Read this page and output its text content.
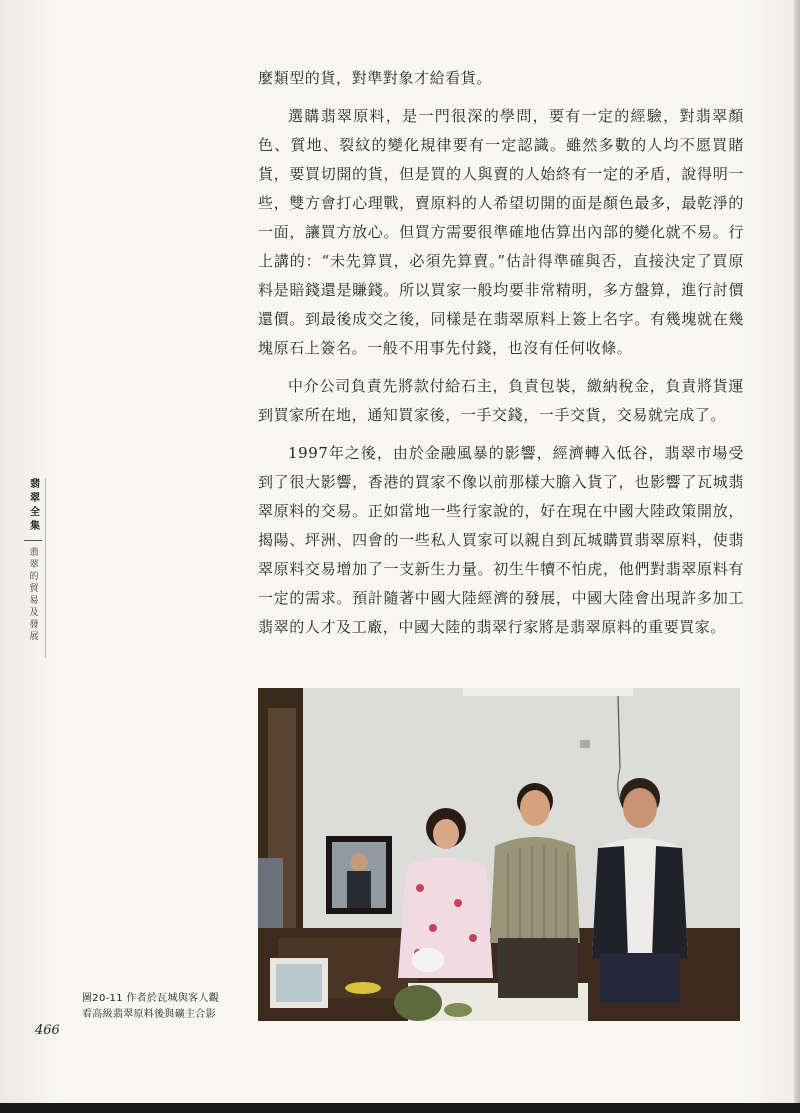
麼類型的貨，對準對象才給看貨。

選購翡翠原料，是一門很深的學問，要有一定的經驗，對翡翠顏色、質地、裂紋的變化規律要有一定認識。雖然多數的人均不愿買賭貨，要買切開的貨，但是買的人與賣的人始終有一定的矛盾，說得明一些，雙方會打心理戰，賣原料的人希望切開的面是顏色最多，最乾淨的一面，讓買方放心。但買方需要很準確地估算出內部的變化就不易。行上講的：“未先算買，必須先算賣。”估計得準確與否，直接決定了買原料是賠錢還是賺錢。所以買家一般均要非常精明，多方盤算，進行討價還價。到最後成交之後，同樣是在翡翠原料上簽上名字。有幾塊就在幾塊原石上簽名。一般不用事先付錢，也沒有任何收條。

中介公司負責先將款付給石主，負責包裝，繳納稅金，負責將貨運到買家所在地，通知買家後，一手交錢，一手交貨，交易就完成了。

1997年之後，由於金融風暴的影響，經濟轉入低谷，翡翠市場受到了很大影響，香港的買家不像以前那樣大膽入貨了，也影響了瓦城翡翠原料的交易。正如當地一些行家說的，好在現在中國大陸政策開放，揭陽、坪洲、四會的一些私人買家可以親自到瓦城購買翡翠原料，使翡翠原料交易增加了一支新生力量。初生牛犢不怕虎，他們對翡翠原料有一定的需求。預計隨著中國大陸經濟的發展，中國大陸會出現許多加工翡翠的人才及工廠，中國大陸的翡翠行家將是翡翠原料的重要買家。

翡翠全集
翡翠的貿易及發展
圖20-11 作者於瓦城與客人觀
看高級翡翠原料後與礦主合影
466
